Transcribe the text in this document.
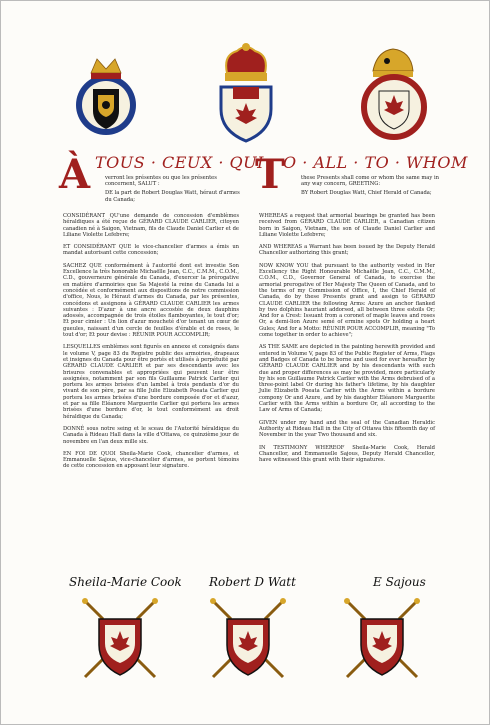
À TOUS · CEUX · QUI
T
O · ALL · TO · WHOM
verront les présentes ou que les présentes
concernent, SALUT :
DE la part de Robert Douglas Watt, héraut d'armes
du Canada;
these Presents shall come or whom the same may in
any way concern, GREETING:
BY Robert Douglas Watt, Chief Herald of Canada;

CONSIDÉRANT QU'une demande de concession d'emblèmes héraldiques a été reçue de GÉRARD CLAUDE CARLIER, citoyen canadien né à Saigon, Vietnam, fils de Claude Daniel Carlier et de Liliane Violette Lefebvre;

ET CONSIDÉRANT QUE le vice-chancelier d'armes a émis un mandat autorisant cette concession;

SACHEZ QUE conformément à l'autorité dont est investie Son Excellence la très honorable Michaëlle Jean, C.C., C.M.M., C.O.M., C.D., gouverneure générale du Canada, d'exercer la prérogative en matière d'armoiries que Sa Majesté la reine du Canada lui a concédée et conformément aux dispositions de notre commission d'office, Nous, le Héraut d'armes du Canada, par les présentes, concédons et assignons à GÉRARD CLAUDE CARLIER les armes suivantes : D'azur à une ancre accostée de deux dauphins adossés, accompagnée de trois étoiles flamboyantes, le tout d'or; Et pour cimier : Un lion d'azur moucheté d'or tenant un cœur de gueules, naissant d'un cercle de feuilles d'érable et de roses, le tout d'or; Et pour devise : RÉUNIR POUR ACCOMPLIR;

LESQUELLES emblèmes sont figurés en annexe et consignés dans le volume V, page 83 du Registre public des armoiries, drapeaux et insignes du Canada pour être portés et utilisés à perpétuité par GÉRARD CLAUDE CARLIER et par ses descendants avec les brisures convenables et appropriées qui peuvent leur être assignées, notamment par son fils Guillaume Patrick Carlier qui portera les armes brisées d'un lambel à trois pendants d'or du vivant de son père, par sa fille Julie Elizabeth Poeata Carlier qui portera les armes brisées d'une bordure composée d'or et d'azur, et par sa fille Eléanore Marguerite Carlier qui portera les armes brisées d'une bordure d'or, le tout conformément au droit héraldique du Canada;

DONNÉ sous notre seing et le sceau de l'Autorité héraldique du Canada à Rideau Hall dans la ville d'Ottawa, ce quinzième jour de novembre en l'an deux mille six.

EN FOI DE QUOI Sheila-Marie Cook, chancelier d'armes, et Emmanuelle Sajous, vice-chancelier d'armes, se portent témoins de cette concession en apposant leur signature.

WHEREAS a request that armorial bearings be granted has been received from GÉRARD CLAUDE CARLIER, a Canadian citizen born in Saigon, Vietnam, the son of Claude Daniel Carlier and Liliane Violette Lefebvre;

AND WHEREAS a Warrant has been issued by the Deputy Herald Chancellor authorizing this grant;

NOW KNOW YOU that pursuant to the authority vested in Her Excellency the Right Honourable Michaëlle Jean, C.C., C.M.M., C.O.M., C.D., Governor General of Canada, to exercise the armorial prerogative of Her Majesty The Queen of Canada, and to the terms of my Commission of Office, I, the Chief Herald of Canada, do by these Presents grant and assign to GÉRARD CLAUDE CARLIER the following Arms: Azure an anchor flanked by two dolphins hauriant addorsed, all between three estoils Or; And for a Crest: Issuant from a coronet of maple leaves and roses Or, a demi-lion Azure semé of ermine spots Or holding a heart Gules; And for a Motto: RÉUNIR POUR ACCOMPLIR, meaning "To come together in order to achieve";

AS THE SAME are depicted in the painting herewith provided and entered in Volume V, page 83 of the Public Register of Arms, Flags and Badges of Canada to be borne and used for ever hereafter by GÉRARD CLAUDE CARLIER and by his descendants with such due and proper differences as may be provided, more particularly by his son Guillaume Patrick Carlier with the Arms debruised of a three-point label Or during his father's lifetime, by his daughter Julie Elizabeth Poeata Carlier with the Arms within a bordure compony Or and Azure, and by his daughter Eléanore Marguerite Carlier with the Arms within a bordure Or, all according to the Law of Arms of Canada;

GIVEN under my hand and the seal of the Canadian Heraldic Authority at Rideau Hall in the City of Ottawa this fifteenth day of November in the year Two thousand and six.

IN TESTIMONY WHEREOF Sheila-Marie Cook, Herald Chancellor, and Emmanuelle Sajous, Deputy Herald Chancellor, have witnessed this grant with their signatures.

Sheila-Marie Cook Robert D Watt	E Sajous
